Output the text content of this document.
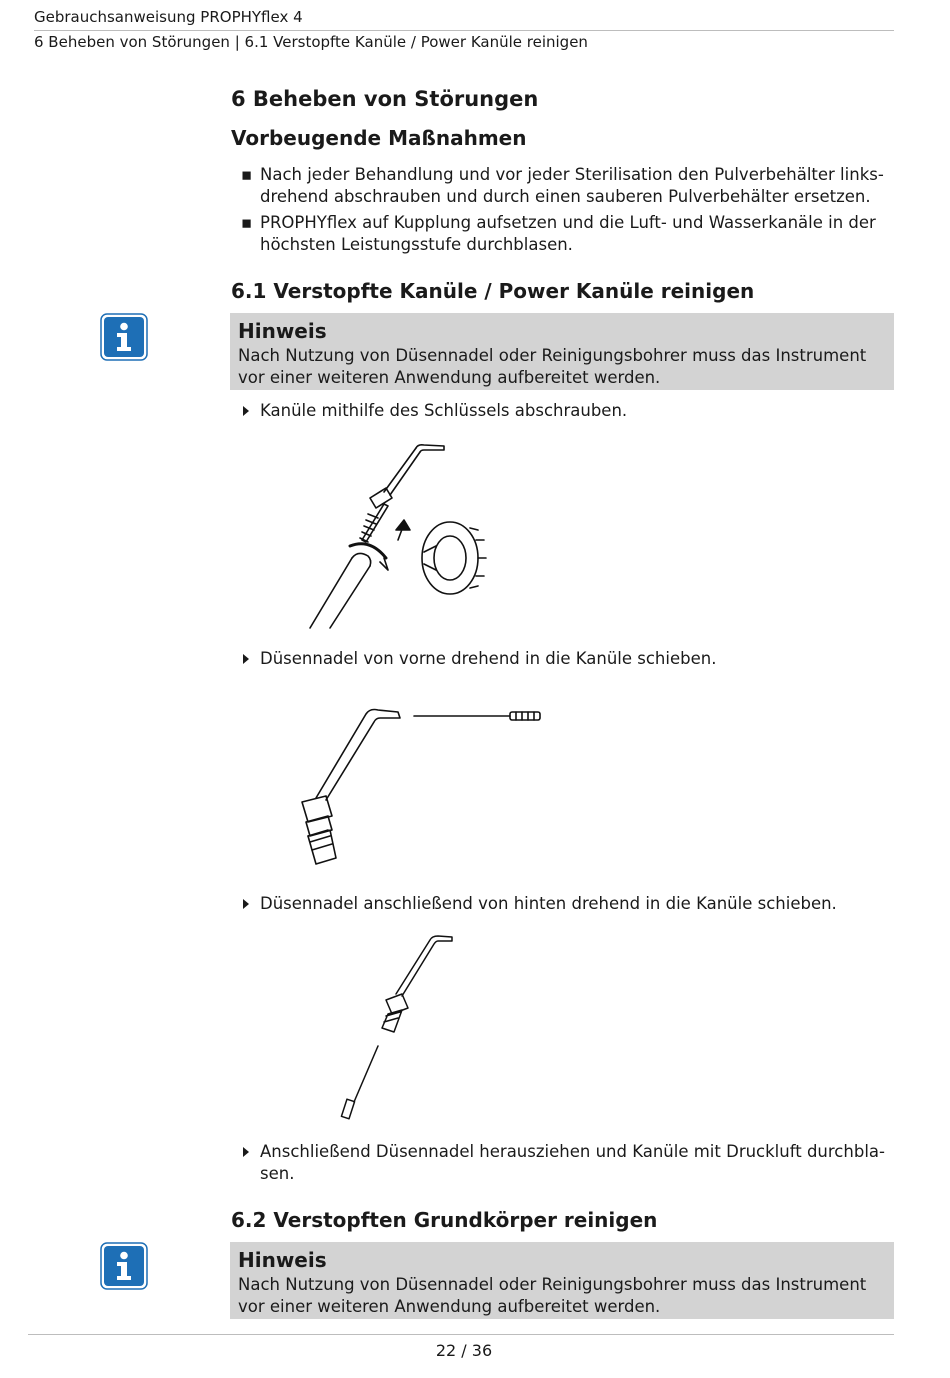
Gebrauchsanweisung PROPHYflex 4
6 Beheben von Störungen | 6.1 Verstopfte Kanüle / Power Kanüle reinigen
6 Beheben von Störungen
Vorbeugende Maßnahmen
▪ Nach jeder Behandlung und vor jeder Sterilisation den Pulverbehälter linksdrehend abschrauben und durch einen sauberen Pulverbehälter ersetzen.
▪ PROPHYflex auf Kupplung aufsetzen und die Luft- und Wasserkanäle in der höchsten Leistungsstufe durchblasen.
6.1 Verstopfte Kanüle / Power Kanüle reinigen
Hinweis
Nach Nutzung von Düsennadel oder Reinigungsbohrer muss das Instrument vor einer weiteren Anwendung aufbereitet werden.
Kanüle mithilfe des Schlüssels abschrauben.
Düsennadel von vorne drehend in die Kanüle schieben.
Düsennadel anschließend von hinten drehend in die Kanüle schieben.
Anschließend Düsennadel herausziehen und Kanüle mit Druckluft durchblasen.
6.2 Verstopften Grundkörper reinigen
Hinweis
Nach Nutzung von Düsennadel oder Reinigungsbohrer muss das Instrument vor einer weiteren Anwendung aufbereitet werden.
22 / 36
